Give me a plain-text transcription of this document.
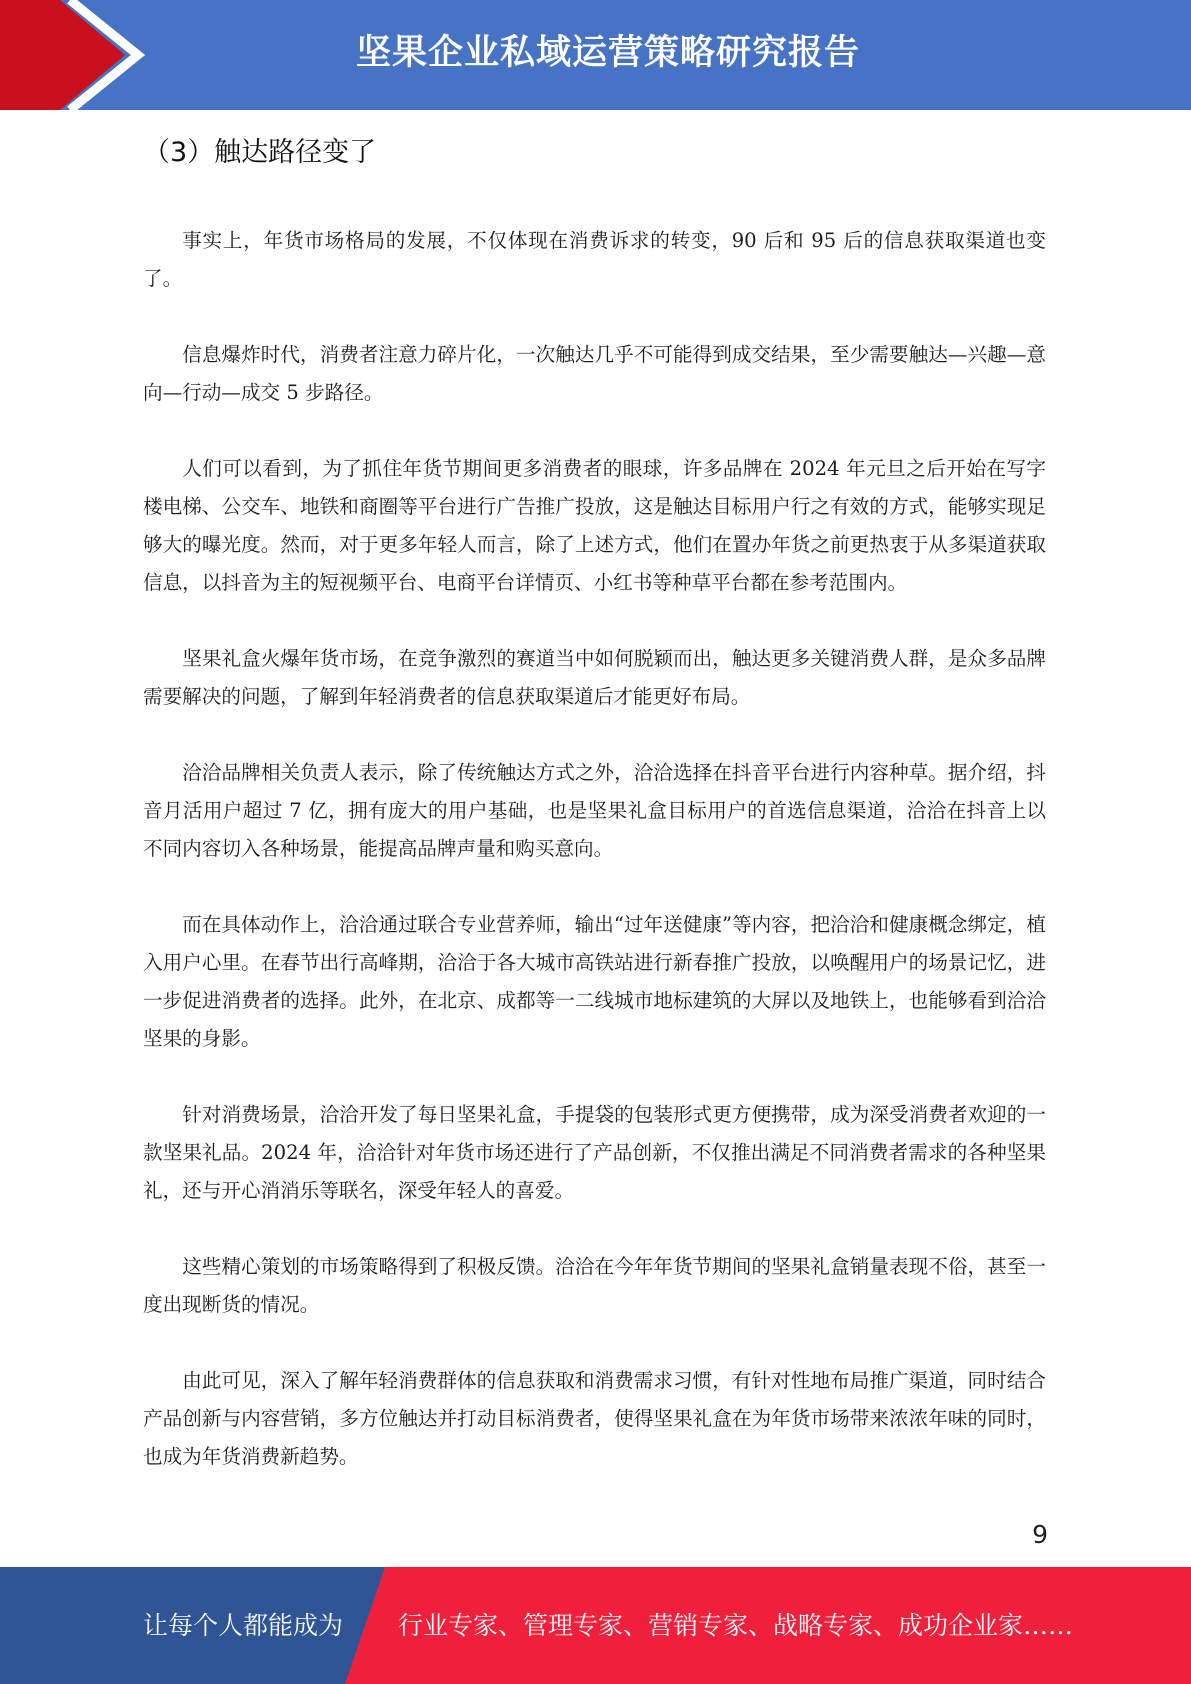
坚果企业私域运营策略研究报告
（3）触达路径变了

事实上，年货市场格局的发展，不仅体现在消费诉求的转变，90 后和 95 后的信息获取渠道也变了。

信息爆炸时代，消费者注意力碎片化，一次触达几乎不可能得到成交结果，至少需要触达—兴趣—意向—行动—成交 5 步路径。

人们可以看到，为了抓住年货节期间更多消费者的眼球，许多品牌在 2024 年元旦之后开始在写字楼电梯、公交车、地铁和商圈等平台进行广告推广投放，这是触达目标用户行之有效的方式，能够实现足够大的曝光度。然而，对于更多年轻人而言，除了上述方式，他们在置办年货之前更热衷于从多渠道获取信息，以抖音为主的短视频平台、电商平台详情页、小红书等种草平台都在参考范围内。

坚果礼盒火爆年货市场，在竞争激烈的赛道当中如何脱颖而出，触达更多关键消费人群，是众多品牌需要解决的问题，了解到年轻消费者的信息获取渠道后才能更好布局。

洽洽品牌相关负责人表示，除了传统触达方式之外，洽洽选择在抖音平台进行内容种草。据介绍，抖音月活用户超过 7 亿，拥有庞大的用户基础，也是坚果礼盒目标用户的首选信息渠道，洽洽在抖音上以不同内容切入各种场景，能提高品牌声量和购买意向。

而在具体动作上，洽洽通过联合专业营养师，输出“过年送健康”等内容，把洽洽和健康概念绑定，植入用户心里。在春节出行高峰期，洽洽于各大城市高铁站进行新春推广投放，以唤醒用户的场景记忆，进一步促进消费者的选择。此外，在北京、成都等一二线城市地标建筑的大屏以及地铁上，也能够看到洽洽坚果的身影。

针对消费场景，洽洽开发了每日坚果礼盒，手提袋的包装形式更方便携带，成为深受消费者欢迎的一款坚果礼品。2024 年，洽洽针对年货市场还进行了产品创新，不仅推出满足不同消费者需求的各种坚果礼，还与开心消消乐等联名，深受年轻人的喜爱。

这些精心策划的市场策略得到了积极反馈。洽洽在今年年货节期间的坚果礼盒销量表现不俗，甚至一度出现断货的情况。

由此可见，深入了解年轻消费群体的信息获取和消费需求习惯，有针对性地布局推广渠道，同时结合产品创新与内容营销，多方位触达并打动目标消费者，使得坚果礼盒在为年货市场带来浓浓年味的同时，也成为年货消费新趋势。

9
让每个人都能成为 行业专家、管理专家、营销专家、战略专家、成功企业家……
